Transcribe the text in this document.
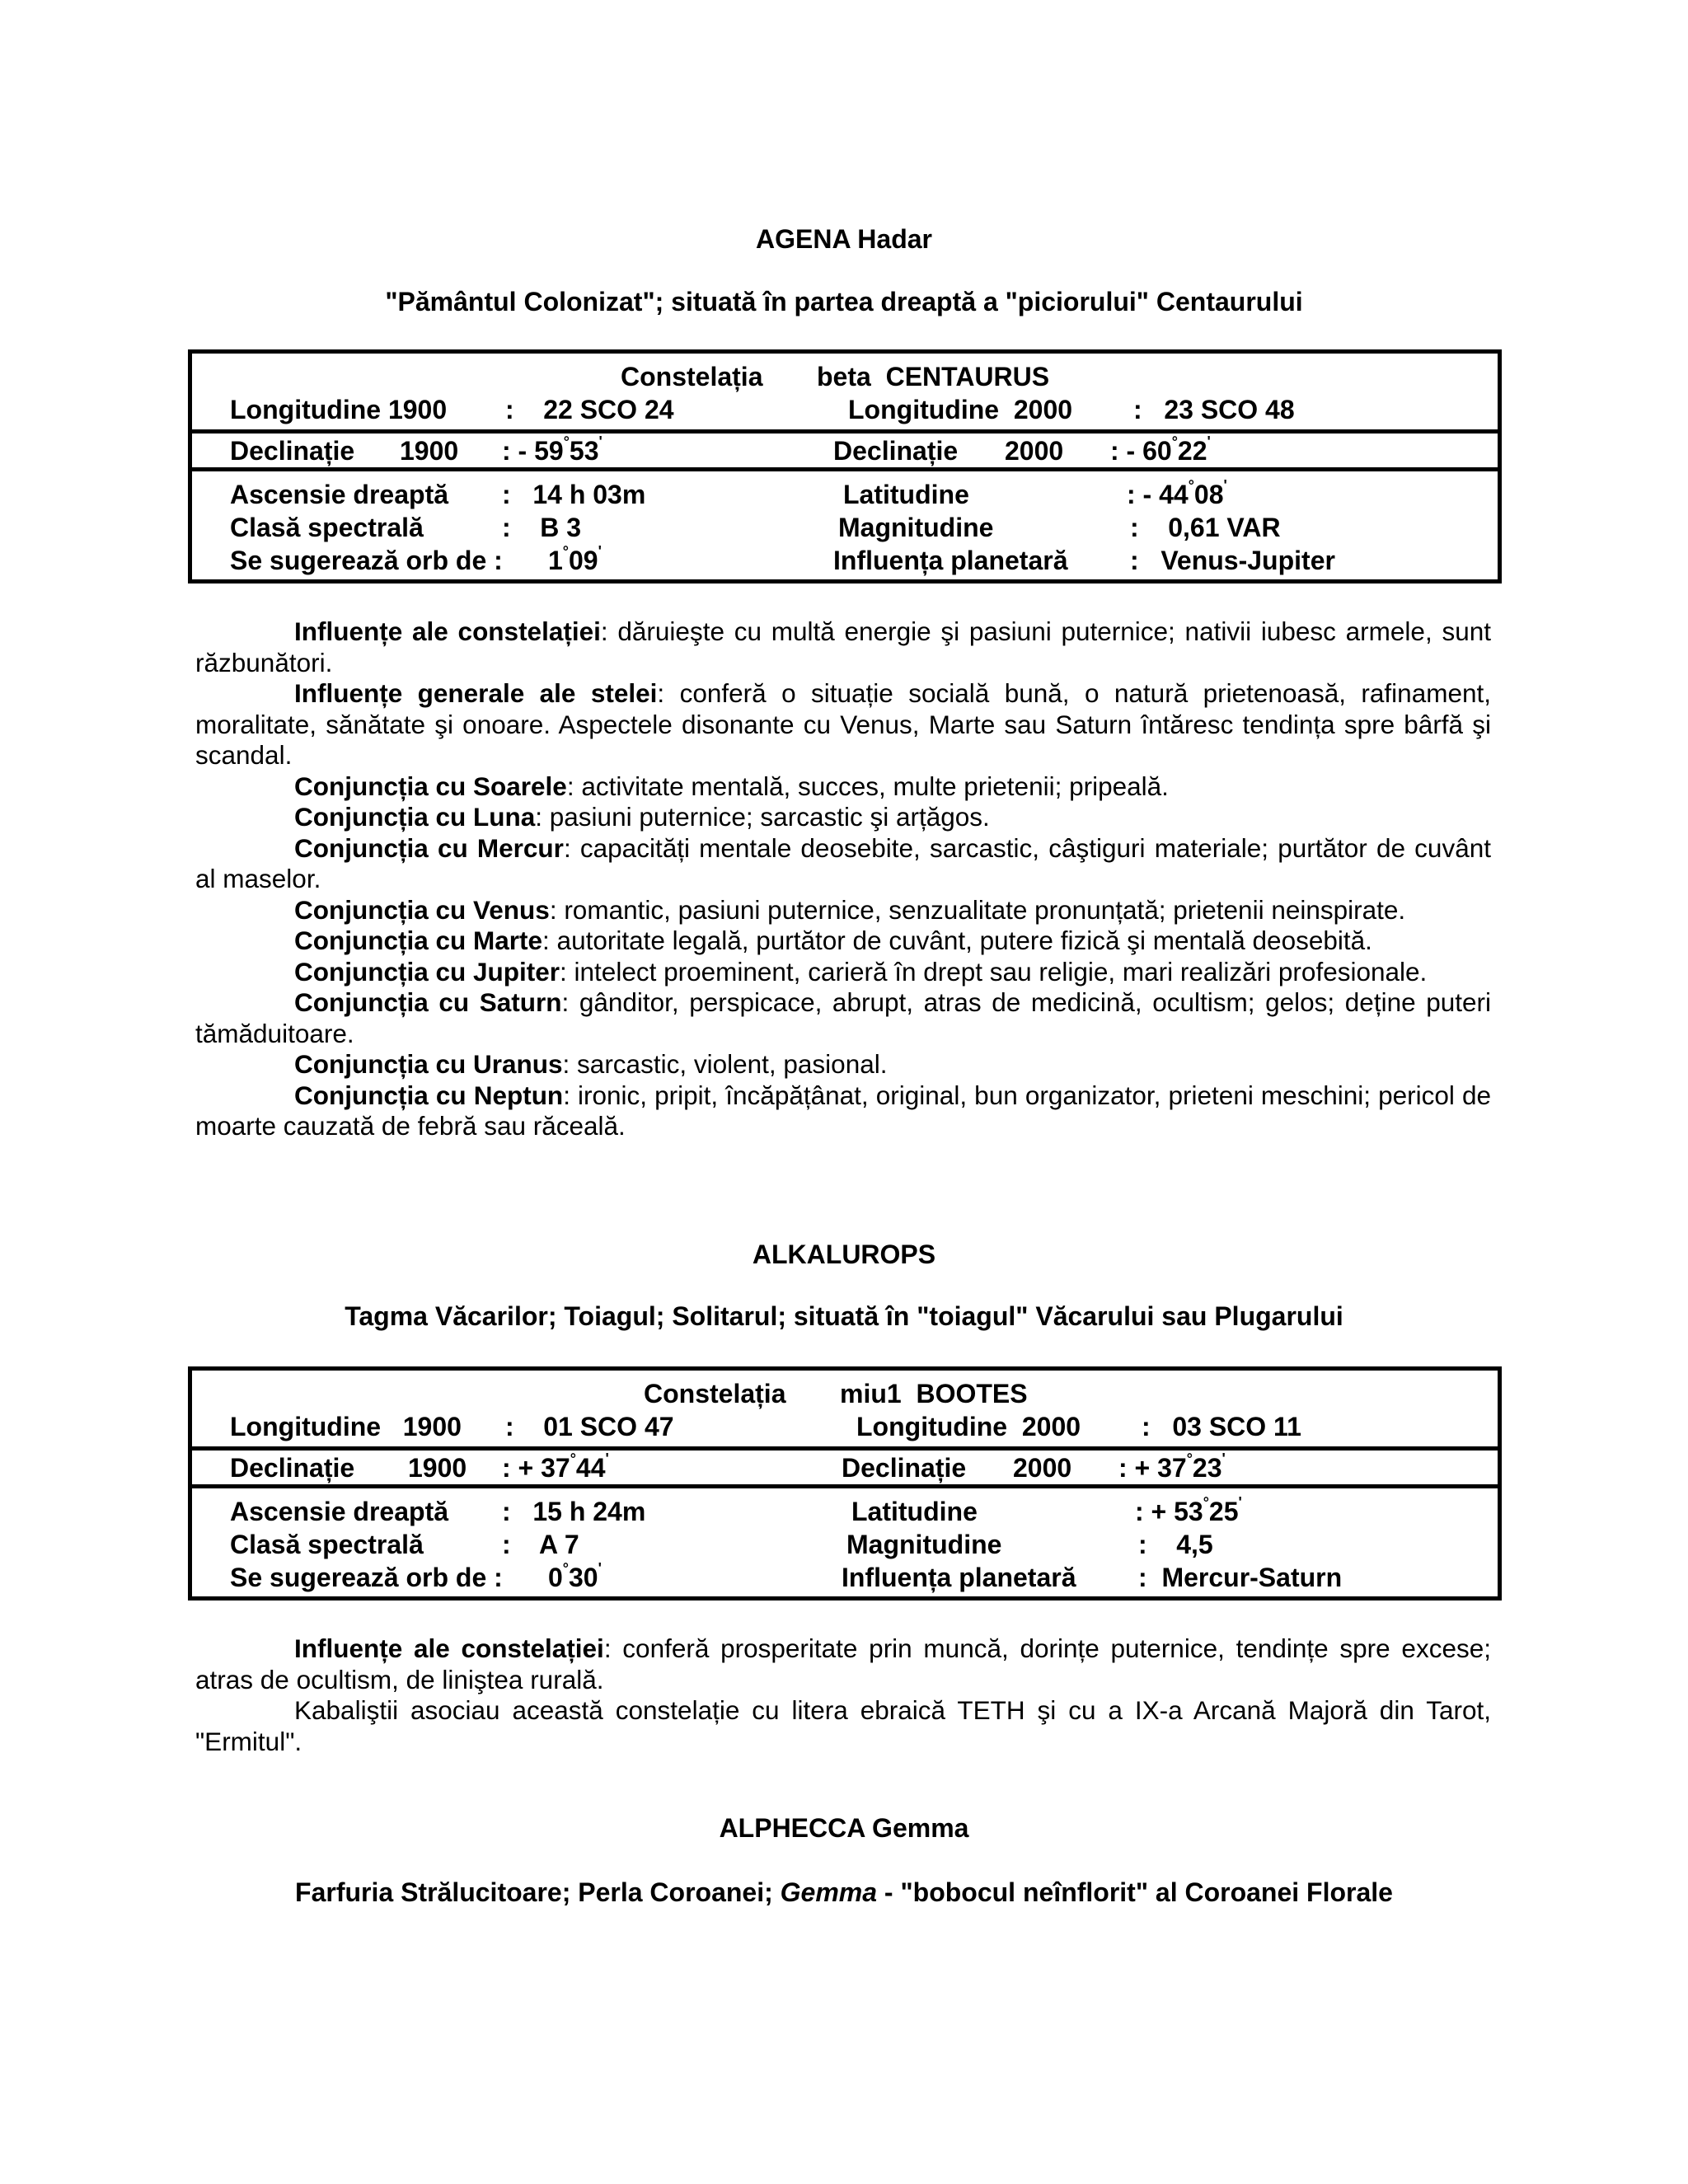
AGENA Hadar
"Pământul Colonizat"; situată în partea dreaptă a "piciorului" Centaurului
Constelația beta  CENTAURUS
Longitudine 1900 :    22 SCO 24	Longitudine  2000 :   23 SCO 48
Declinație 1900 : - 59°53'	Declinație 2000 : - 60°22'
Ascensie dreaptă :   14 h 03m	Latitudine	: - 44°08'
Clasă spectrală	:    B 3	Magnitudine	:    0,61 VAR
Se sugerează orb de : 1°09'	Influența planetară :   Venus-Jupiter

Influențe ale constelației: dăruieşte cu multă energie şi pasiuni puternice; nativii iubesc armele, sunt răzbunători.

Influențe generale ale stelei: conferă o situație socială bună, o natură prietenoasă, rafinament, moralitate, sănătate şi onoare. Aspectele disonante cu Venus, Marte sau Saturn întăresc tendința spre bârfă şi scandal.

Conjuncția cu Soarele: activitate mentală, succes, multe prietenii; pripeală.

Conjuncția cu Luna: pasiuni puternice; sarcastic şi arțăgos.

Conjuncția cu Mercur: capacități mentale deosebite, sarcastic, câştiguri materiale; purtător de cuvânt al maselor.

Conjuncția cu Venus: romantic, pasiuni puternice, senzualitate pronunțată; prietenii neinspirate.

Conjuncția cu Marte: autoritate legală, purtător de cuvânt, putere fizică şi mentală deosebită.

Conjuncția cu Jupiter: intelect proeminent, carieră în drept sau religie, mari realizări profesionale.

Conjuncția cu Saturn: gânditor, perspicace, abrupt, atras de medicină, ocultism; gelos; deține puteri tămăduitoare.

Conjuncția cu Uranus: sarcastic, violent, pasional.

Conjuncția cu Neptun: ironic, pripit, încăpățânat, original, bun organizator, prieteni meschini; pericol de moarte cauzată de febră sau răceală.

ALKALUROPS
Tagma Văcarilor; Toiagul; Solitarul; situată în "toiagul" Văcarului sau Plugarului
Constelația miu1  BOOTES
Longitudine   1900 :    01 SCO 47	Longitudine  2000 :   03 SCO 11
Declinație 1900 : + 37°44'	Declinație 2000 : + 37°23'
Ascensie dreaptă :   15 h 24m	Latitudine	: + 53°25'
Clasă spectrală	:    A 7	Magnitudine	:    4,5
Se sugerează orb de : 0°30'	Influența planetară :  Mercur-Saturn

Influențe ale constelației: conferă prosperitate prin muncă, dorințe puternice, tendințe spre excese; atras de ocultism, de liniştea rurală.

Kabaliştii asociau această constelație cu litera ebraică TETH şi cu a IX-a Arcană Majoră din Tarot, "Ermitul".

ALPHECCA Gemma
Farfuria Strălucitoare; Perla Coroanei; Gemma - "bobocul neînflorit" al Coroanei Florale
